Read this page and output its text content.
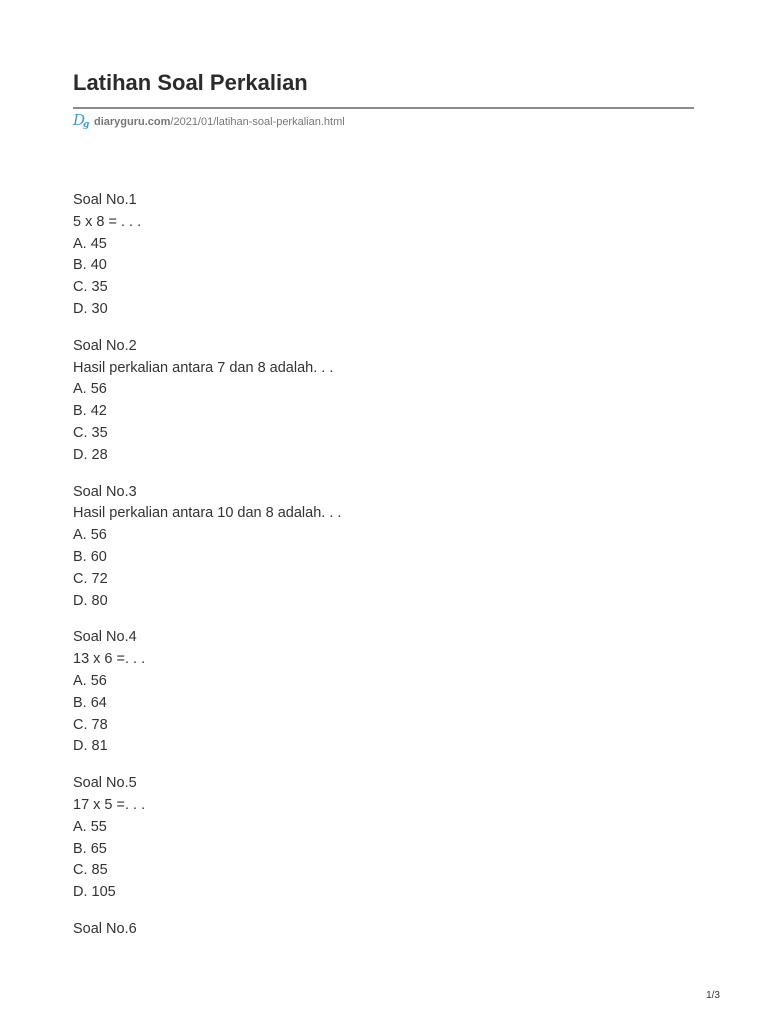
Latihan Soal Perkalian
D
g diaryguru.com /2021/01/latihan-soal-perkalian.html
Soal No.1
5 x 8 = . . .
A. 45
B. 40
C. 35
D. 30
Soal No.2
Hasil perkalian antara 7 dan 8 adalah. . .
A. 56
B. 42
C. 35
D. 28
Soal No.3
Hasil perkalian antara 10 dan 8 adalah. . .
A. 56
B. 60
C. 72
D. 80
Soal No.4
13 x 6 =. . .
A. 56
B. 64
C. 78
D. 81
Soal No.5
17 x 5 =. . .
A. 55
B. 65
C. 85
D. 105
Soal No.6
1/3
